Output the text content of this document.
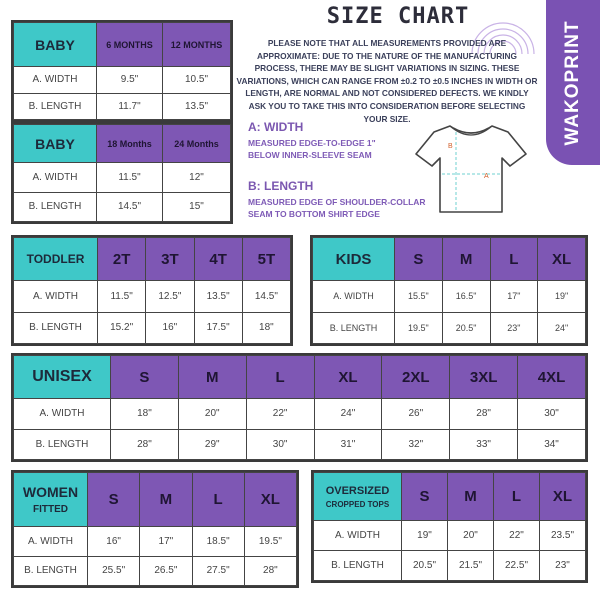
WAKOPRINT
SIZE CHART
PLEASE NOTE THAT ALL MEASUREMENTS PROVIDED ARE APPROXIMATE: DUE TO THE NATURE OF THE MANUFACTURING PROCESS, THERE MAY BE SLIGHT VARIATIONS IN SIZING. THESE VARIATIONS, WHICH CAN RANGE FROM ±0.2 TO ±0.5 INCHES IN WIDTH OR LENGTH, ARE NORMAL AND NOT CONSIDERED DEFECTS. WE KINDLY ASK YOU TO TAKE THIS INTO CONSIDERATION BEFORE SELECTING YOUR SIZE.
A: WIDTH
MEASURED EDGE-TO-EDGE 1"
BELOW INNER-SLEEVE SEAM
B: LENGTH
MEASURED EDGE OF SHOULDER-COLLAR
SEAM TO BOTTOM SHIRT EDGE
B
A
BABY	6 MONTHS	12 MONTHS
A. WIDTH	9.5"	10.5"
B. LENGTH	11.7"	13.5"
BABY	18 Months	24 Months
A. WIDTH	11.5"	12"
B. LENGTH	14.5"	15"
TODDLER	2T	3T	4T	5T
A. WIDTH	11.5"	12.5"	13.5"	14.5"
B. LENGTH	15.2"	16"	17.5"	18"
KIDS	S	M	L	XL
A. WIDTH	15.5"	16.5"	17"	19"
B. LENGTH	19.5"	20.5"	23"	24"
UNISEX	S	M	L	XL	2XL	3XL	4XL
A. WIDTH	18"	20"	22"	24"	26"	28"	30"
B. LENGTH	28"	29"	30"	31"	32"	33"	34"
WOMEN
FITTED	S	M	L	XL
A. WIDTH	16"	17"	18.5"	19.5"
B. LENGTH	25.5"	26.5"	27.5"	28"
OVERSIZED
CROPPED TOPS	S	M	L	XL
A. WIDTH	19"	20"	22"	23.5"
B. LENGTH	20.5"	21.5"	22.5"	23"
